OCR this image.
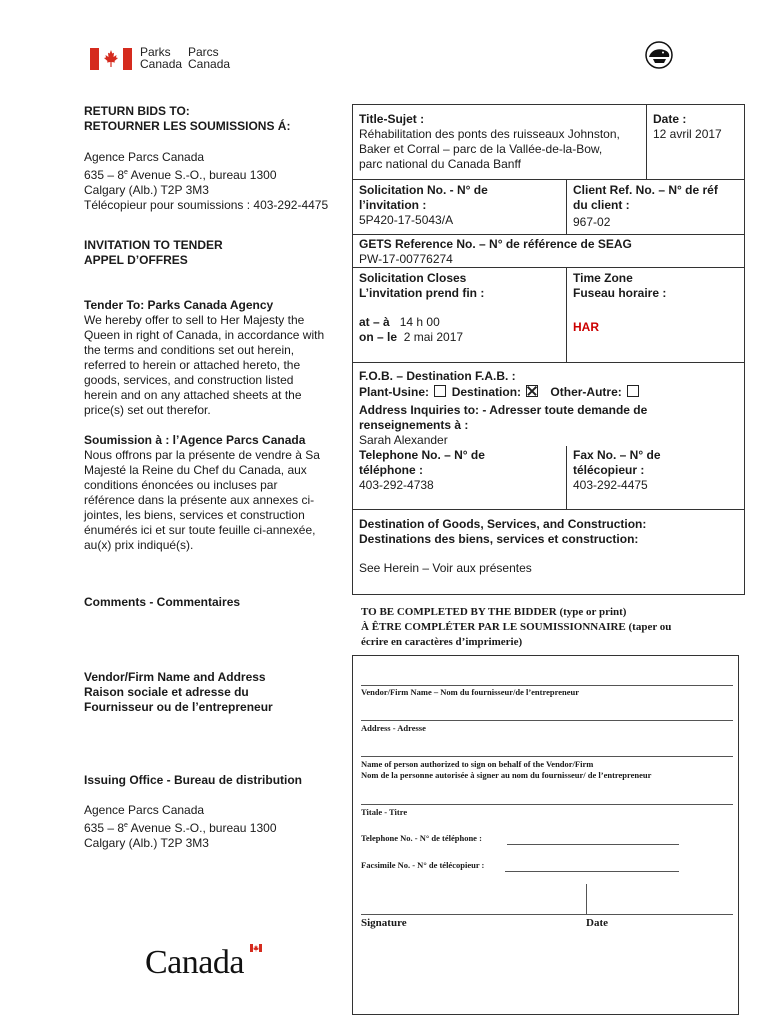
Parks Parcs
Canada Canada
RETURN BIDS TO:
RETOURNER LES SOUMISSIONS Á:
Agence Parcs Canada
635 – 8e Avenue S.-O., bureau 1300
Calgary (Alb.) T2P 3M3
Télécopieur pour soumissions : 403-292-4475
INVITATION TO TENDER
APPEL D’OFFRES
Tender To: Parks Canada Agency
We hereby offer to sell to Her Majesty the
Queen in right of Canada, in accordance with
the terms and conditions set out herein,
referred to herein or attached hereto, the
goods, services, and construction listed
herein and on any attached sheets at the
price(s) set out therefor.
Soumission à : l’Agence Parcs Canada
Nous offrons par la présente de vendre à Sa
Majesté la Reine du Chef du Canada, aux
conditions énoncées ou incluses par
référence dans la présente aux annexes ci-
jointes, les biens, services et construction
énumérés ici et sur toute feuille ci-annexée,
au(x) prix indiqué(s).
Comments - Commentaires
Vendor/Firm Name and Address
Raison sociale et adresse du
Fournisseur ou de l’entrepreneur
Issuing Office - Bureau de distribution
Agence Parcs Canada
635 – 8e Avenue S.-O., bureau 1300
Calgary (Alb.) T2P 3M3
Title-Sujet :
Réhabilitation des ponts des ruisseaux Johnston,
Baker et Corral – parc de la Vallée-de-la-Bow,
parc national du Canada Banff
Date :
12 avril 2017
Solicitation No. - N° de
l’invitation :
5P420-17-5043/A
Client Ref. No. – N° de réf
du client :
967-02
GETS Reference No. – N° de référence de SEAG
PW-17-00776274
Solicitation Closes
L’invitation prend fin :
at – à 14 h 00
on – le 2 mai 2017
Time Zone
Fuseau horaire :
HAR
F.O.B. – Destination F.A.B. :
Plant-Usine: Destination: Other-Autre:
Address Inquiries to: - Adresser toute demande de
renseignements à :
Sarah Alexander
Telephone No. – N° de
téléphone :
403-292-4738
Fax No. – N° de
télécopieur :
403-292-4475
Destination of Goods, Services, and Construction:
Destinations des biens, services et construction:
See Herein – Voir aux présentes
TO BE COMPLETED BY THE BIDDER (type or print)
À ÊTRE COMPLÉTER PAR LE SOUMISSIONNAIRE (taper ou
écrire en caractères d’imprimerie)
Vendor/Firm Name – Nom du fournisseur/de l’entrepreneur
Address - Adresse
Name of person authorized to sign on behalf of the Vendor/Firm
Nom de la personne autorisée à signer au nom du fournisseur/ de l’entrepreneur
Titale - Titre
Telephone No. - N° de téléphone :
Facsimile No. - N° de télécopieur :
Signature	Date
Canada
